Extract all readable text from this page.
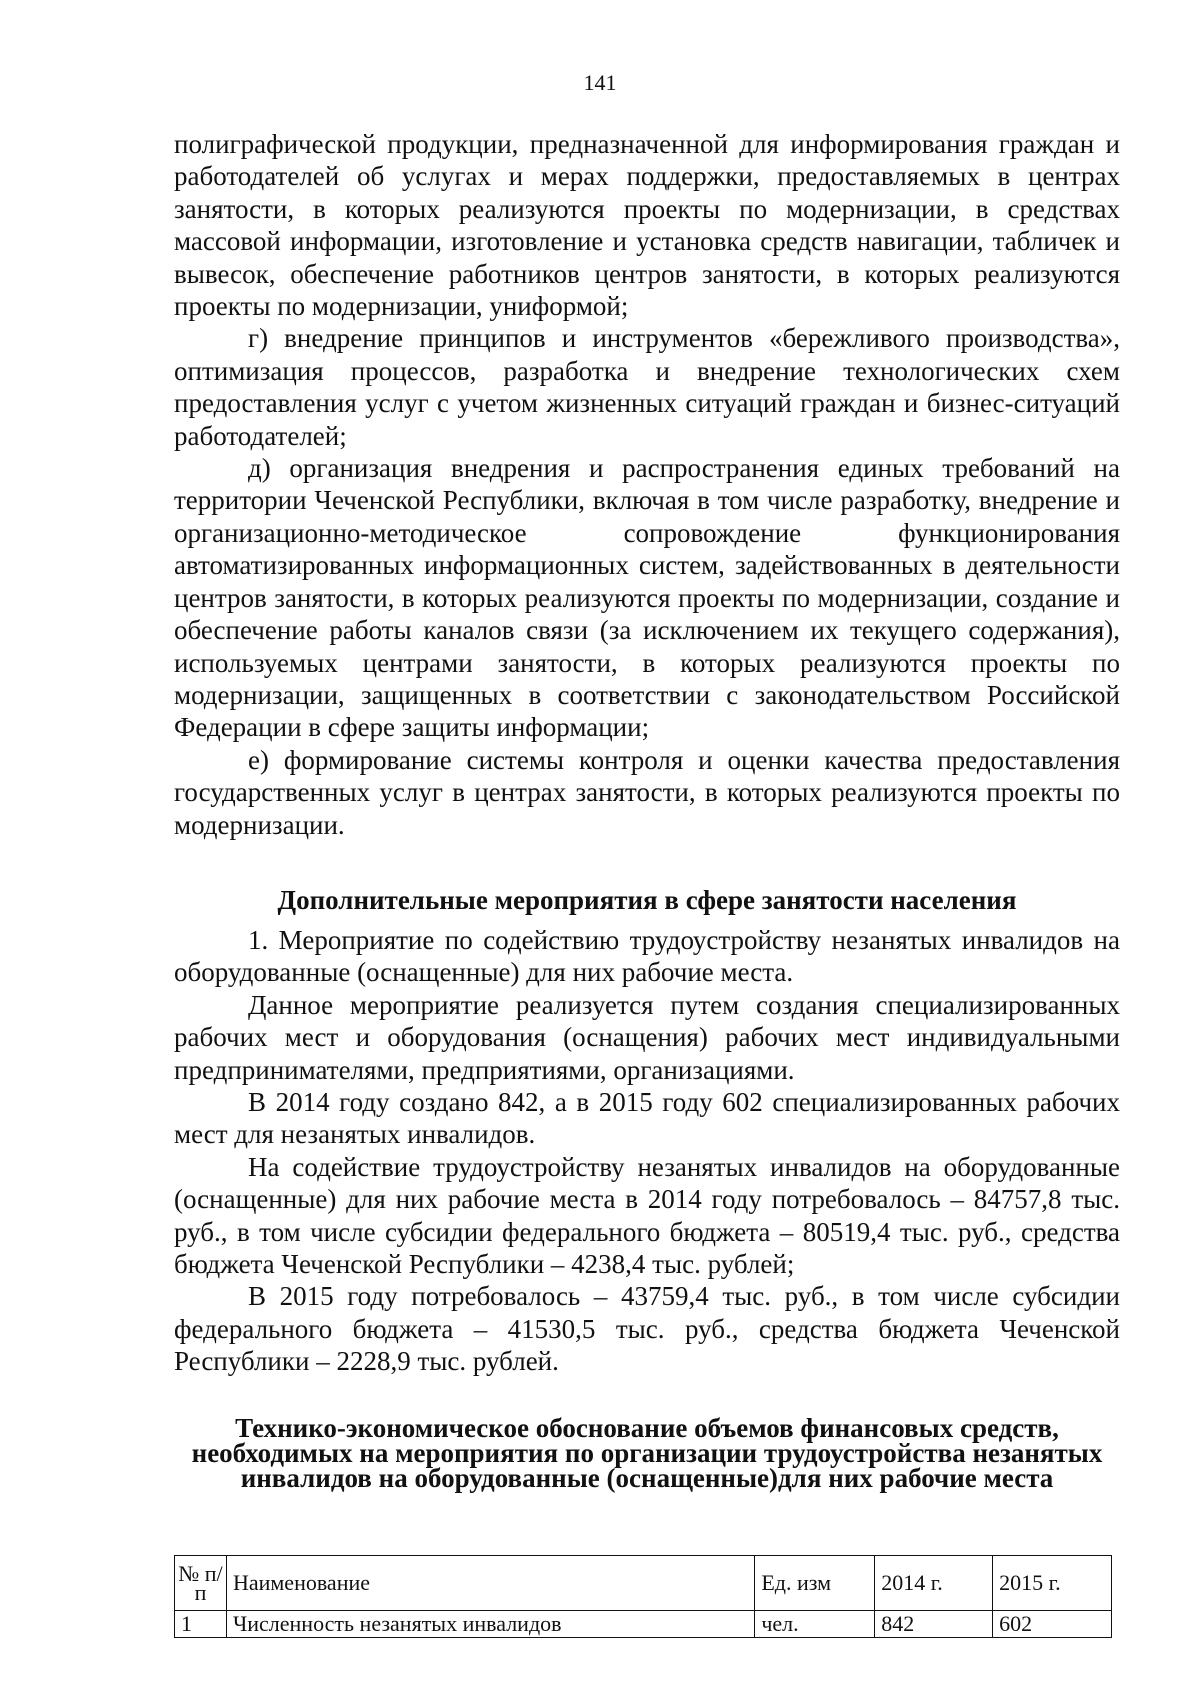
141

полиграфической продукции, предназначенной для информирования граждан и работодателей об услугах и мерах поддержки, предоставляемых в центрах занятости, в которых реализуются проекты по модернизации, в средствах массовой информации, изготовление и установка средств навигации, табличек и вывесок, обеспечение работников центров занятости, в которых реализуются проекты по модернизации, униформой;

г) внедрение принципов и инструментов «бережливого производства», оптимизация процессов, разработка и внедрение технологических схем предоставления услуг с учетом жизненных ситуаций граждан и бизнес-ситуаций работодателей;

д) организация внедрения и распространения единых требований на территории Чеченской Республики, включая в том числе разработку, внедрение и организационно-методическое сопровождение функционирования автоматизированных информационных систем, задействованных в деятельности центров занятости, в которых реализуются проекты по модернизации, создание и обеспечение работы каналов связи (за исключением их текущего содержания), используемых центрами занятости, в которых реализуются проекты по модернизации, защищенных в соответствии с законодательством Российской Федерации в сфере защиты информации;

е) формирование системы контроля и оценки качества предоставления государственных услуг в центрах занятости, в которых реализуются проекты по модернизации.

Дополнительные мероприятия в сфере занятости населения

1. Мероприятие по содействию трудоустройству незанятых инвалидов на оборудованные (оснащенные) для них рабочие места.

Данное мероприятие реализуется путем создания специализированных рабочих мест и оборудования (оснащения) рабочих мест индивидуальными предпринимателями, предприятиями, организациями.

В 2014 году создано 842, а в 2015 году 602 специализированных рабочих мест для незанятых инвалидов.

На содействие трудоустройству незанятых инвалидов на оборудованные (оснащенные) для них рабочие места в 2014 году потребовалось – 84757,8 тыс. руб., в том числе субсидии федерального бюджета – 80519,4 тыс. руб., средства бюджета Чеченской Республики – 4238,4 тыс. рублей;

В 2015 году потребовалось – 43759,4 тыс. руб., в том числе субсидии федерального бюджета – 41530,5 тыс. руб., средства бюджета Чеченской Республики – 2228,9 тыс. рублей.

Технико-экономическое обоснование объемов финансовых средств, необходимых на мероприятия по организации трудоустройства незанятых инвалидов на оборудованные (оснащенные)для них рабочие места
№ п/п	Наименование	Ед. изм	2014 г.	2015 г.
1	Численность незанятых инвалидов	чел.	842	602
